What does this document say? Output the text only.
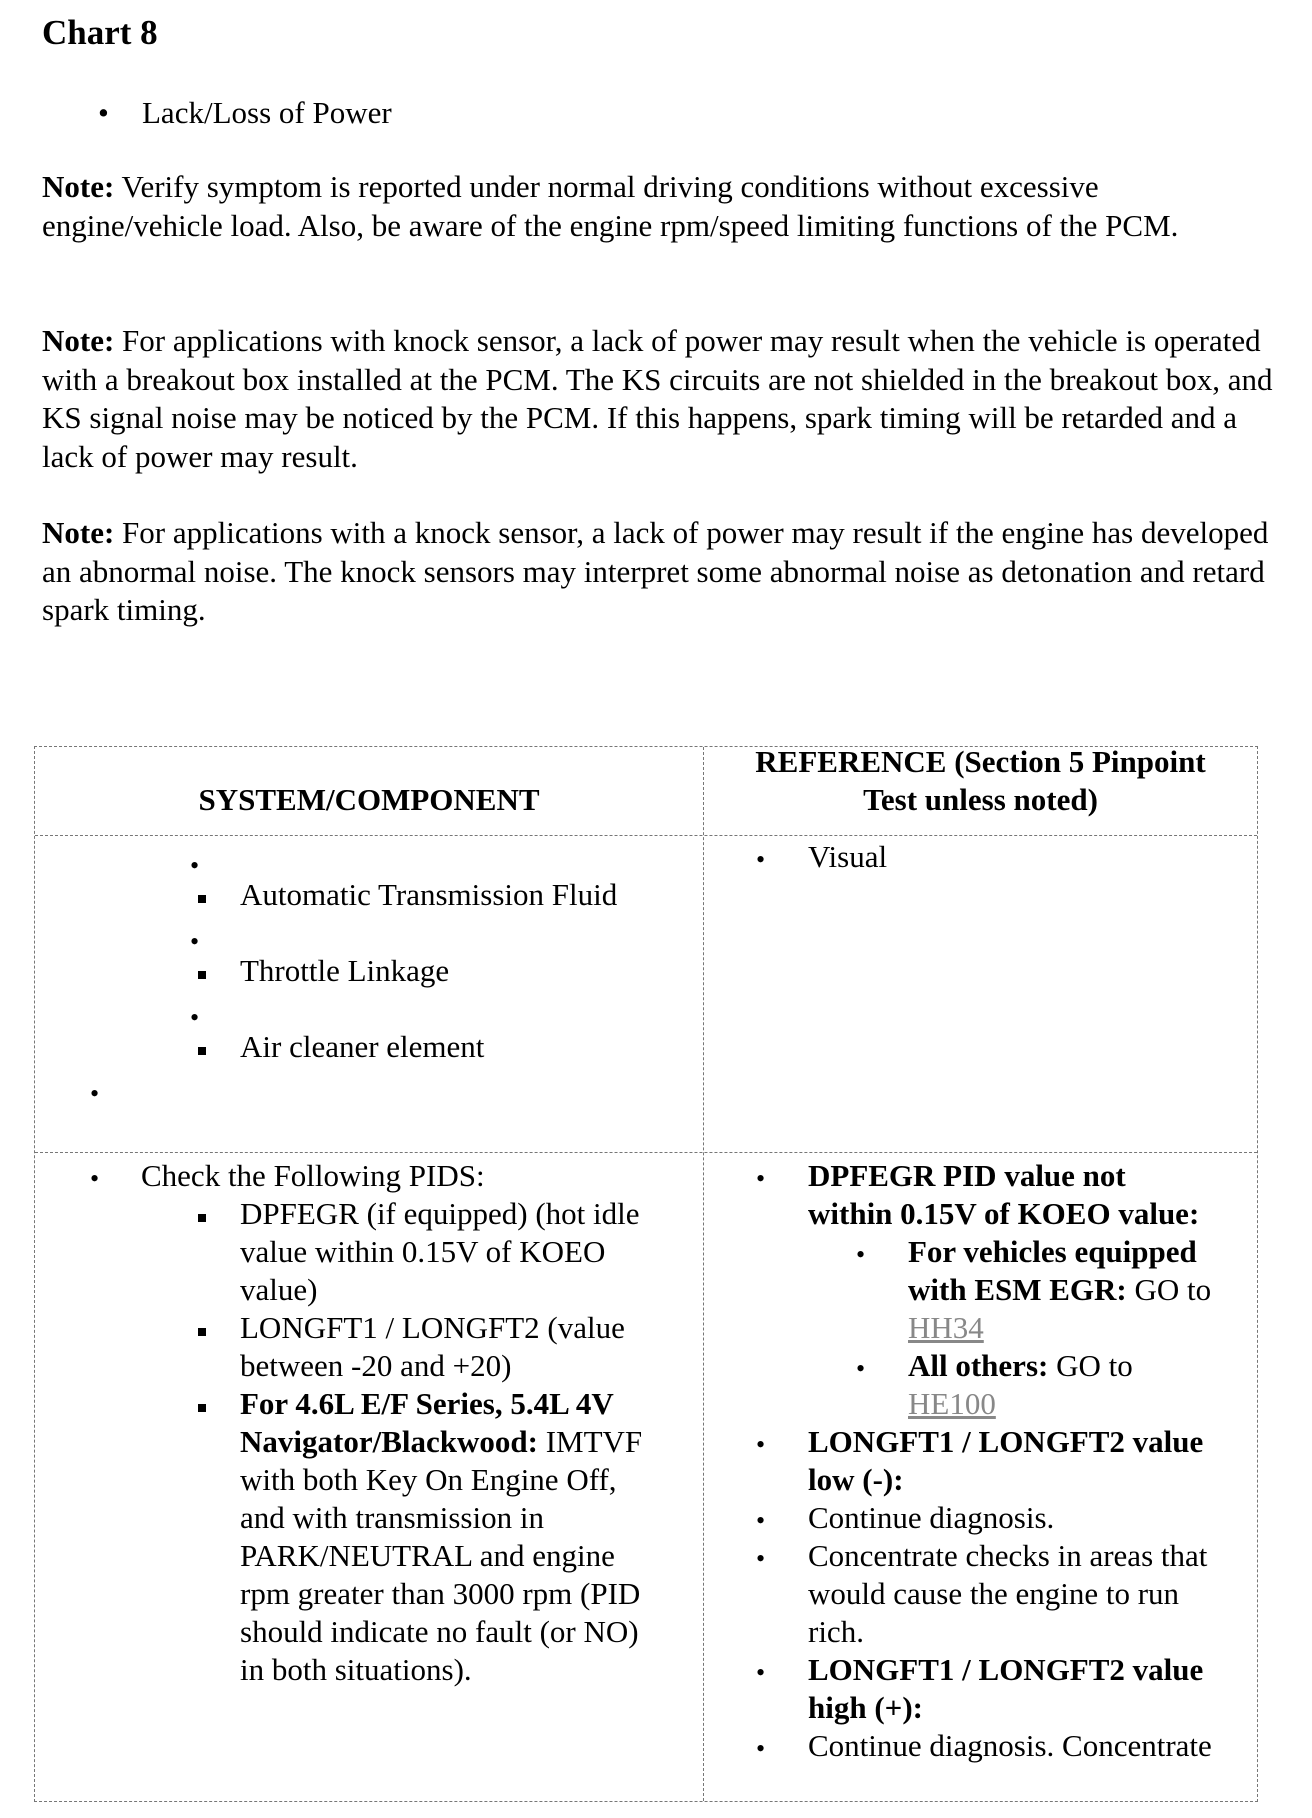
Chart 8
• Lack/Loss of Power
Note: Verify symptom is reported under normal driving conditions without excessive engine/vehicle load. Also, be aware of the engine rpm/speed limiting functions of the PCM.
Note: For applications with knock sensor, a lack of power may result when the vehicle is operated with a breakout box installed at the PCM. The KS circuits are not shielded in the breakout box, and KS signal noise may be noticed by the PCM. If this happens, spark timing will be retarded and a lack of power may result.
Note: For applications with a knock sensor, a lack of power may result if the engine has developed an abnormal noise. The knock sensors may interpret some abnormal noise as detonation and retard spark timing.
SYSTEM/COMPONENT
REFERENCE (Section 5 Pinpoint
Test unless noted)
•
Automatic Transmission Fluid
•
Throttle Linkage
•
Air cleaner element
•
• Visual
• Check the Following PIDS:
DPFEGR (if equipped) (hot idle
value within 0.15V of KOEO
value)
LONGFT1 / LONGFT2 (value
between -20 and +20)
For 4.6L E/F Series, 5.4L 4V
Navigator/Blackwood: IMTVF
with both Key On Engine Off,
and with transmission in
PARK/NEUTRAL and engine
rpm greater than 3000 rpm (PID
should indicate no fault (or NO)
in both situations).
• DPFEGR PID value not
within 0.15V of KOEO value:
• For vehicles equipped
with ESM EGR: GO to
HH34
• All others: GO to
HE100
• LONGFT1 / LONGFT2 value
low (-):
• Continue diagnosis.
• Concentrate checks in areas that
would cause the engine to run
rich.
• LONGFT1 / LONGFT2 value
high (+):
• Continue diagnosis. Concentrate
